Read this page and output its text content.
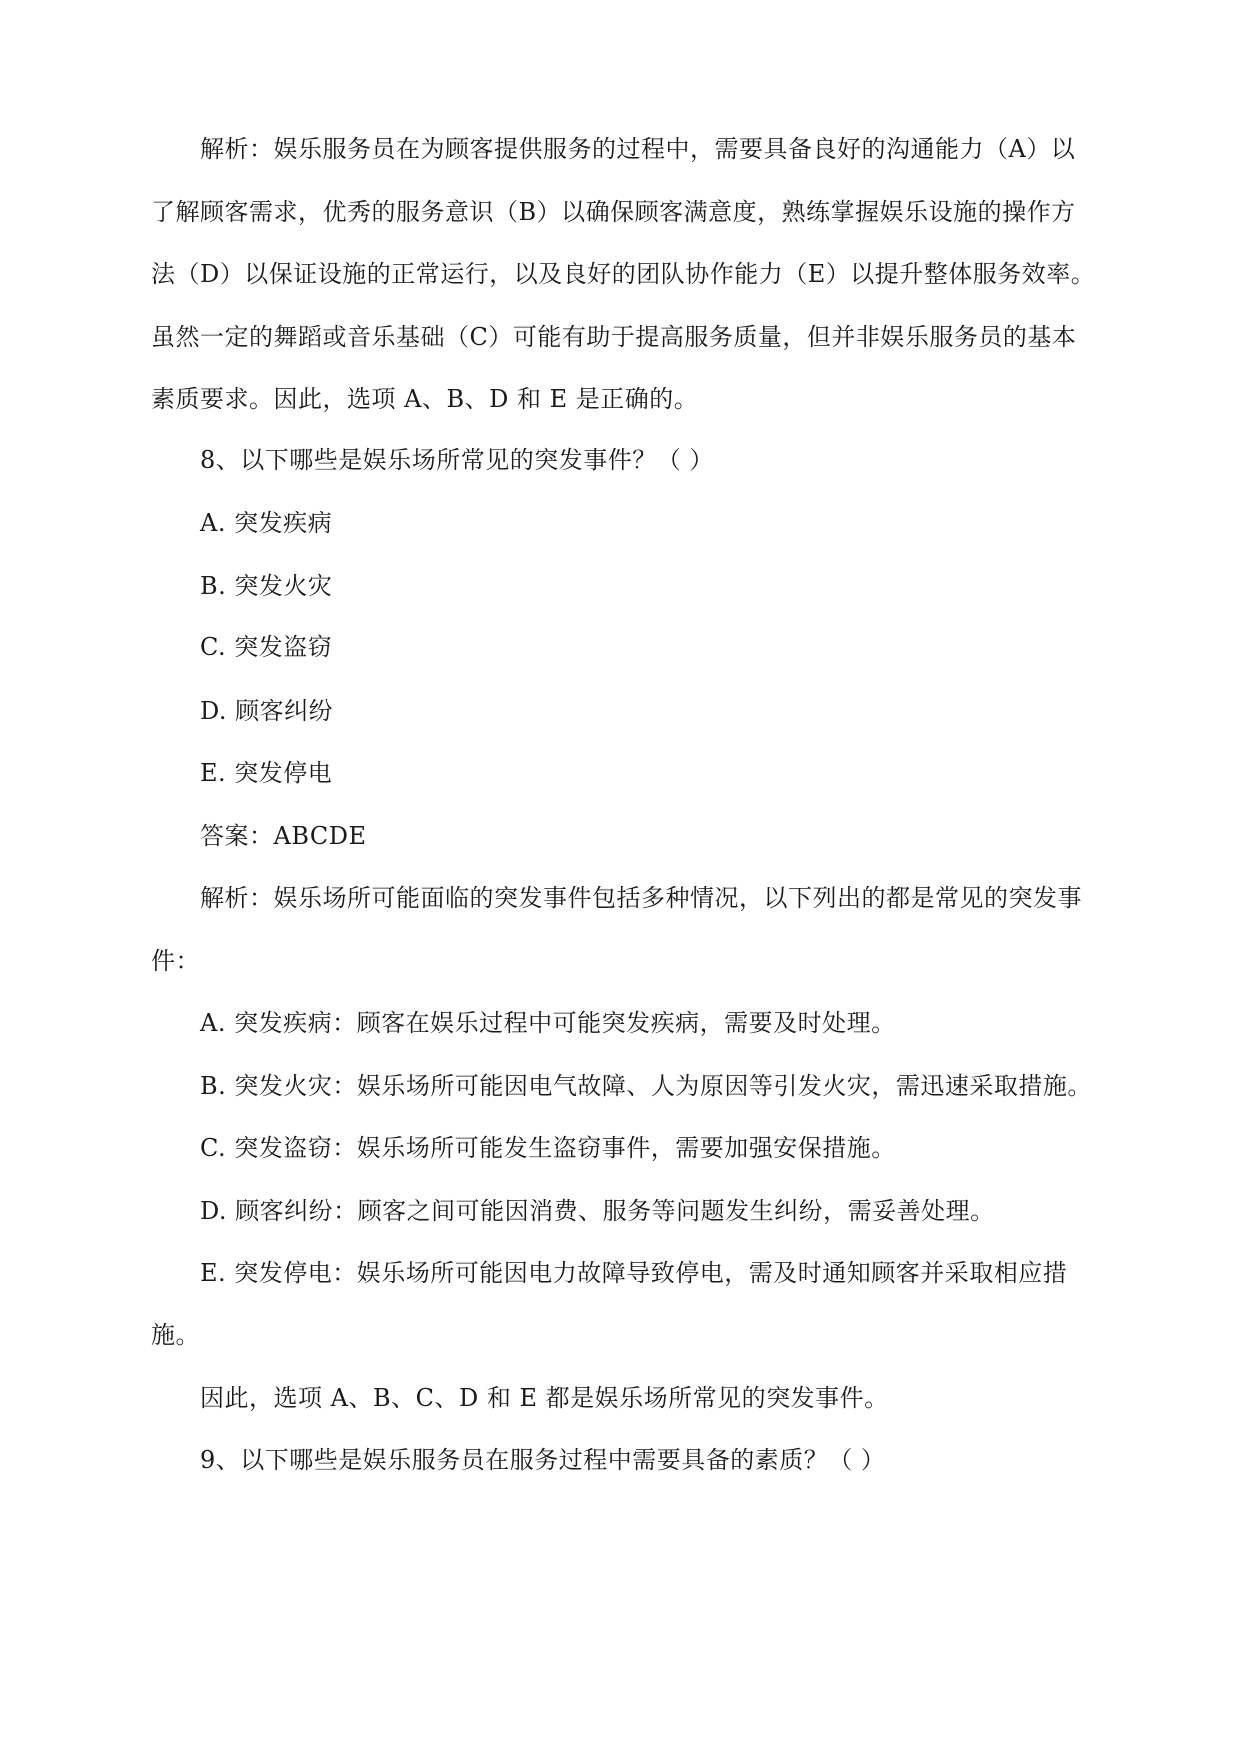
解析：娱乐服务员在为顾客提供服务的过程中，需要具备良好的沟通能力（A）以
了解顾客需求，优秀的服务意识（B）以确保顾客满意度，熟练掌握娱乐设施的操作方
法（D）以保证设施的正常运行，以及良好的团队协作能力（E）以提升整体服务效率。
虽然一定的舞蹈或音乐基础（C）可能有助于提高服务质量，但并非娱乐服务员的基本
素质要求。因此，选项 A、B、D 和 E 是正确的。
8、以下哪些是娱乐场所常见的突发事件？（ ）
A. 突发疾病
B. 突发火灾
C. 突发盗窃
D. 顾客纠纷
E. 突发停电
答案：ABCDE
解析：娱乐场所可能面临的突发事件包括多种情况，以下列出的都是常见的突发事
件：
A. 突发疾病：顾客在娱乐过程中可能突发疾病，需要及时处理。
B. 突发火灾：娱乐场所可能因电气故障、人为原因等引发火灾，需迅速采取措施。
C. 突发盗窃：娱乐场所可能发生盗窃事件，需要加强安保措施。
D. 顾客纠纷：顾客之间可能因消费、服务等问题发生纠纷，需妥善处理。
E. 突发停电：娱乐场所可能因电力故障导致停电，需及时通知顾客并采取相应措
施。
因此，选项 A、B、C、D 和 E 都是娱乐场所常见的突发事件。
9、以下哪些是娱乐服务员在服务过程中需要具备的素质？（ ）
